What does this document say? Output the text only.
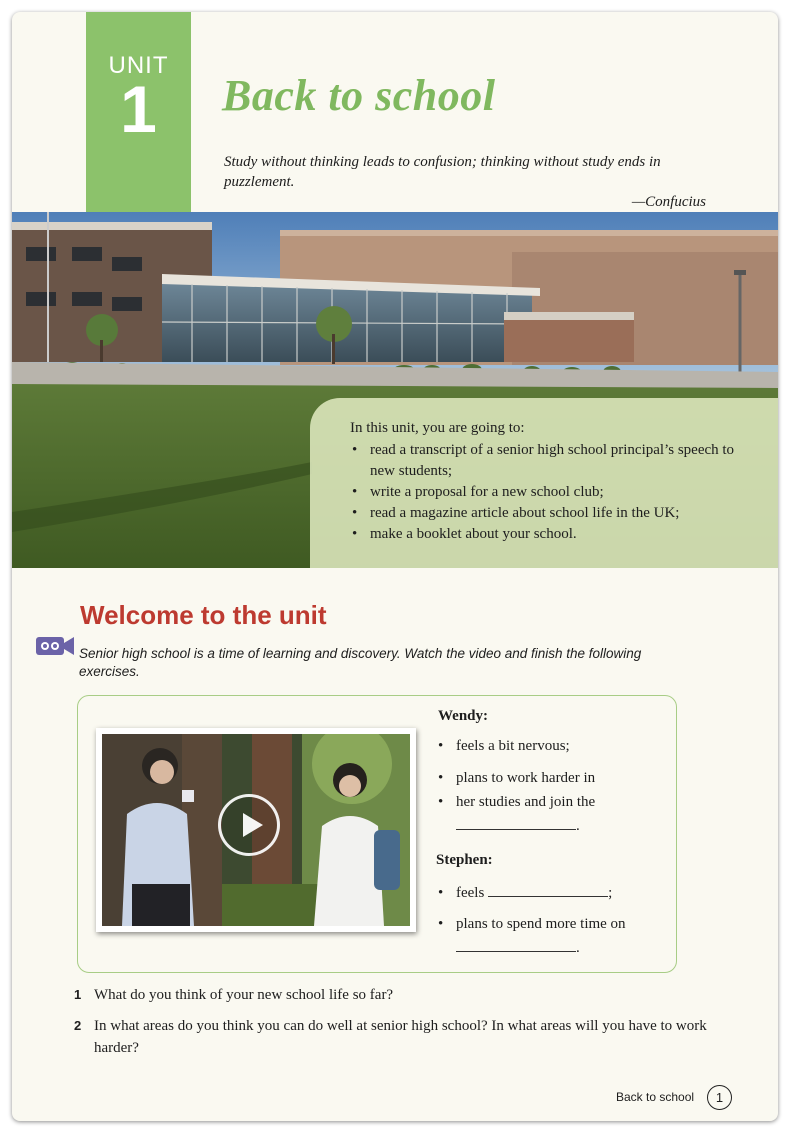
UNIT
1	Back to school
Study without thinking leads to confusion; thinking without study ends in puzzlement.
—Confucius
In this unit, you are going to:
• read a transcript of a senior high school principal’s speech to new students;
• write a proposal for a new school club;
• read a magazine article about school life in the UK;
• make a booklet about your school.
Welcome to the unit
Senior high school is a time of learning and discovery. Watch the video and finish the following exercises.
Wendy:
• feels a bit nervous;
• plans to work harder in
• her studies and join the
.
Stephen:
• feels	;
• plans to spend more time on
.
1 What do you think of your new school life so far?
2 In what areas do you think you can do well at senior high school? In what areas will you have to work harder?
Back to school	1
